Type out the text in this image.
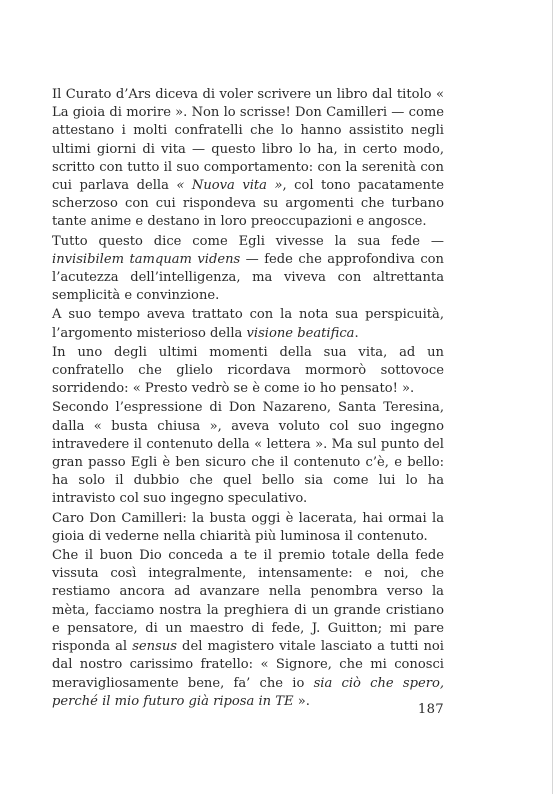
Il Curato d’Ars diceva di voler scrivere un libro dal titolo « La gioia di morire ». Non lo scrisse! Don Camilleri — come attestano i molti confratelli che lo hanno assistito negli ultimi giorni di vita — questo libro lo ha, in certo modo, scritto con tutto il suo comportamento: con la serenità con cui parlava della « Nuova vita », col tono pacatamente scherzoso con cui rispondeva su argomenti che turbano tante anime e destano in loro preoccupazioni e angosce.

Tutto questo dice come Egli vivesse la sua fede — invisibilem tamquam videns — fede che approfondiva con l’acutezza dell’intelligenza, ma viveva con altrettanta semplicità e convinzione.

A suo tempo aveva trattato con la nota sua perspicuità, l’argomento misterioso della visione beatifica.

In uno degli ultimi momenti della sua vita, ad un confratello che glielo ricordava mormorò sottovoce sorridendo: « Presto vedrò se è come io ho pensato! ».

Secondo l’espressione di Don Nazareno, Santa Teresina, dalla « busta chiusa », aveva voluto col suo ingegno intravedere il contenuto della « lettera ». Ma sul punto del gran passo Egli è ben sicuro che il contenuto c’è, e bello: ha solo il dubbio che quel bello sia come lui lo ha intravisto col suo ingegno speculativo.

Caro Don Camilleri: la busta oggi è lacerata, hai ormai la gioia di vederne nella chiarità più luminosa il contenuto.

Che il buon Dio conceda a te il premio totale della fede vissuta così integralmente, intensamente: e noi, che restiamo ancora ad avanzare nella penombra verso la mèta, facciamo nostra la preghiera di un grande cristiano e pensatore, di un maestro di fede, J. Guitton; mi pare risponda al sensus del magistero vitale lasciato a tutti noi dal nostro carissimo fratello: « Signore, che mi conosci meravigliosamente bene, fa’ che io sia ciò che spero, perché il mio futuro già riposa in TE ».

187
